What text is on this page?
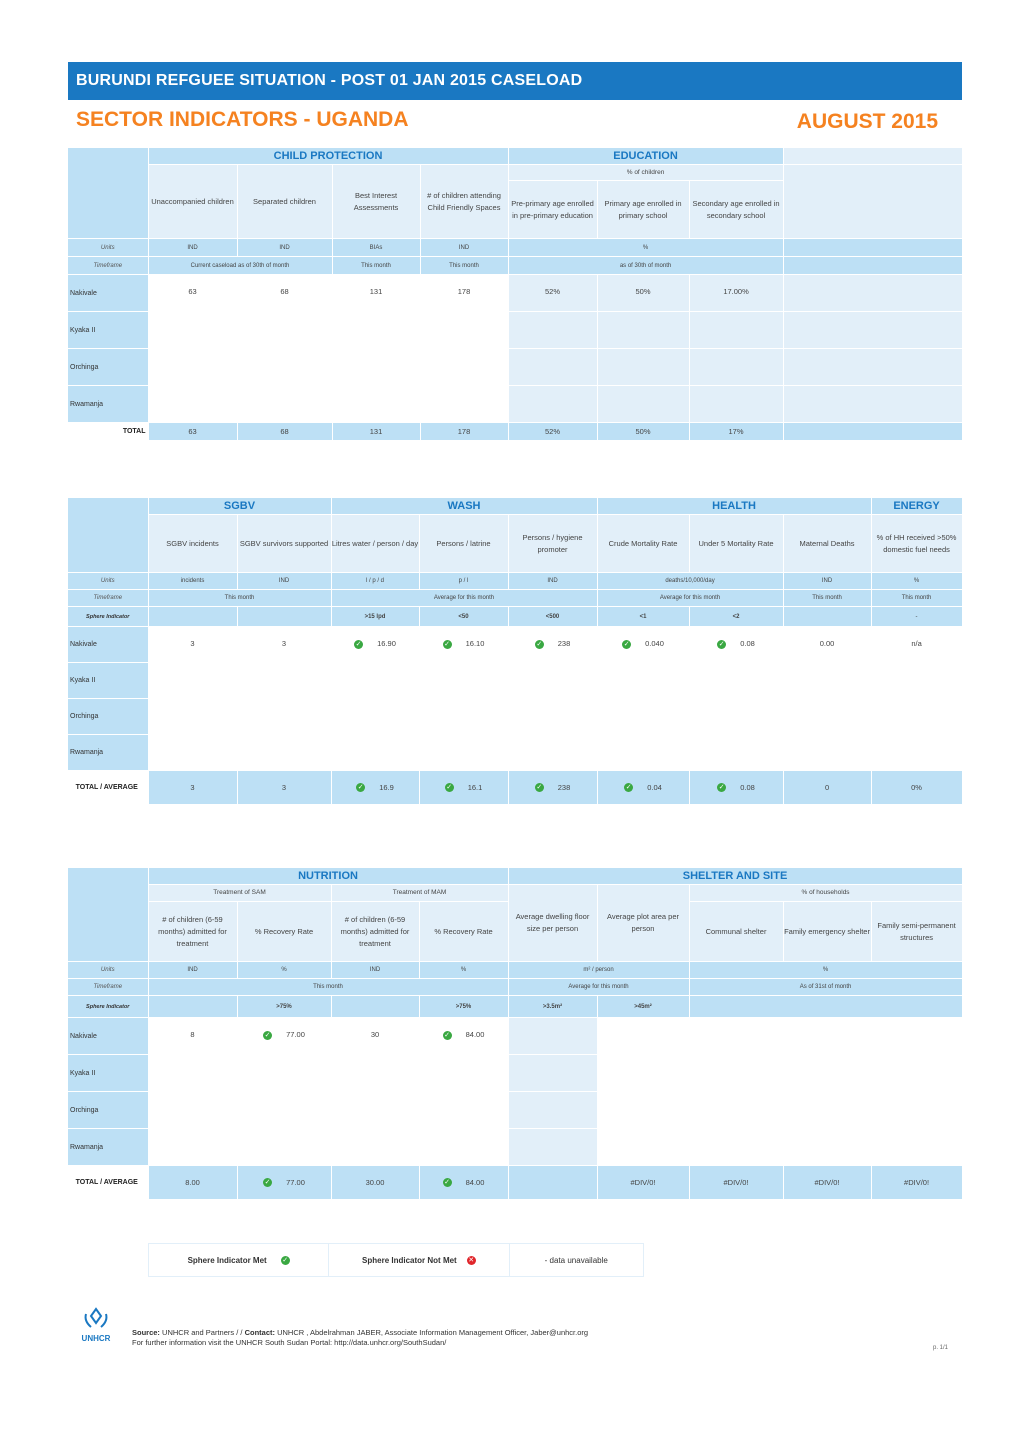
BURUNDI REFGUEE SITUATION - POST 01 JAN 2015 CASELOAD
SECTOR INDICATORS - UGANDA	AUGUST 2015
	CHILD PROTECTION				EDUCATION			
	Unaccompanied children	Separated children	Best Interest Assessments	# of children attending Child Friendly Spaces	% of children			
					Pre-primary age enrolled in pre-primary education	Primary age enrolled in primary school	Secondary age enrolled in secondary school	
Units	IND	IND	BIAs	IND	%			
Timeframe	Current caseload as of 30th of month		This month	This month	as of 30th of month			
Nakivale	63	68	131	178	52%	50%	17.00%	
Kyaka II								
Orchinga								
Rwamanja								
TOTAL	63	68	131	178	52%	50%	17%	
	SGBV		WASH			HEALTH			ENERGY
	SGBV incidents	SGBV survivors supported	Litres water / person / day	Persons / latrine	Persons / hygiene promoter	Crude Mortality Rate	Under 5 Mortality Rate	Maternal Deaths	% of HH received >50% domestic fuel needs
Units	incidents	IND	l / p / d	p / l	IND	deaths/10,000/day		IND	%
Timeframe	This month		Average for this month			Average for this month		This month	This month
Sphere Indicator			>15 lpd	<50	<500	<1	<2		-
Nakivale	3	3	✓ 16.90	✓ 16.10	✓ 238	✓ 0.040	✓ 0.08	0.00	n/a
Kyaka II									
Orchinga									
Rwamanja									
TOTAL / AVERAGE	3	3	✓ 16.9	✓ 16.1	✓ 238	✓ 0.04	✓ 0.08	0	0%
	NUTRITION				SHELTER AND SITE				
	Treatment of SAM		Treatment of MAM		Average dwelling floor size per person	Average plot area per person	% of households		
	# of children (6-59 months) admitted for treatment	% Recovery Rate	# of children (6-59 months) admitted for treatment	% Recovery Rate			Communal shelter	Family emergency shelter	Family semi-permanent structures
Units	IND	%	IND	%	m² / person		%		
Timeframe	This month				Average for this month		As of 31st of month		
Sphere Indicator		>75%		>75%	>3.5m²	>45m²			
Nakivale	8	✓ 77.00	30	✓ 84.00					
Kyaka II									
Orchinga									
Rwamanja									
TOTAL / AVERAGE	8.00	✓ 77.00	30.00	✓ 84.00		#DIV/0!	#DIV/0!	#DIV/0!	#DIV/0!
Sphere Indicator Met ✓	Sphere Indicator Not Met ✕	- data unavailable
UNHCR
Source: UNHCR and Partners / / Contact: UNHCR , Abdelrahman JABER, Associate Information Management Officer, Jaber@unhcr.org
For further information visit the UNHCR South Sudan Portal: http://data.unhcr.org/SouthSudan/
p. 1/1
